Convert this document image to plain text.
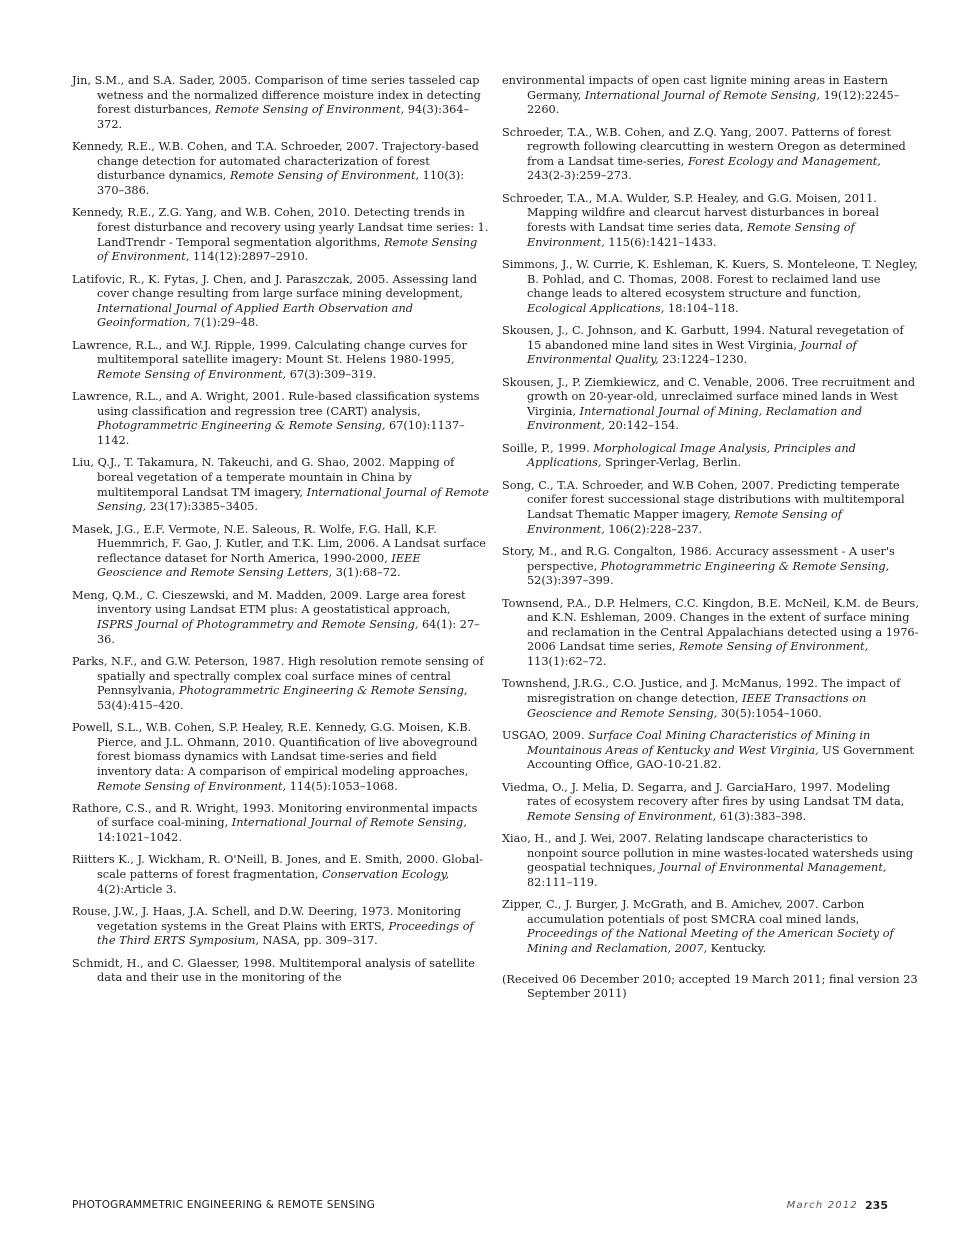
Jin, S.M., and S.A. Sader, 2005. Comparison of time series tasseled cap wetness and the normalized difference moisture index in detecting forest disturbances, Remote Sensing of Environment, 94(3):364–372.

Kennedy, R.E., W.B. Cohen, and T.A. Schroeder, 2007. Trajectory-based change detection for automated characterization of forest disturbance dynamics, Remote Sensing of Environment, 110(3): 370–386.

Kennedy, R.E., Z.G. Yang, and W.B. Cohen, 2010. Detecting trends in forest disturbance and recovery using yearly Landsat time series: 1. LandTrendr - Temporal segmentation algorithms, Remote Sensing of Environment, 114(12):2897–2910.

Latifovic, R., K. Fytas, J. Chen, and J. Paraszczak, 2005. Assessing land cover change resulting from large surface mining development, International Journal of Applied Earth Observation and Geoinformation, 7(1):29–48.

Lawrence, R.L., and W.J. Ripple, 1999. Calculating change curves for multitemporal satellite imagery: Mount St. Helens 1980-1995, Remote Sensing of Environment, 67(3):309–319.

Lawrence, R.L., and A. Wright, 2001. Rule-based classification systems using classification and regression tree (CART) analysis, Photogrammetric Engineering & Remote Sensing, 67(10):1137–1142.

Liu, Q.J., T. Takamura, N. Takeuchi, and G. Shao, 2002. Mapping of boreal vegetation of a temperate mountain in China by multitemporal Landsat TM imagery, International Journal of Remote Sensing, 23(17):3385–3405.

Masek, J.G., E.F. Vermote, N.E. Saleous, R. Wolfe, F.G. Hall, K.F. Huemmrich, F. Gao, J. Kutler, and T.K. Lim, 2006. A Landsat surface reflectance dataset for North America, 1990-2000, IEEE Geoscience and Remote Sensing Letters, 3(1):68–72.

Meng, Q.M., C. Cieszewski, and M. Madden, 2009. Large area forest inventory using Landsat ETM plus: A geostatistical approach, ISPRS Journal of Photogrammetry and Remote Sensing, 64(1): 27–36.

Parks, N.F., and G.W. Peterson, 1987. High resolution remote sensing of spatially and spectrally complex coal surface mines of central Pennsylvania, Photogrammetric Engineering & Remote Sensing, 53(4):415–420.

Powell, S.L., W.B. Cohen, S.P. Healey, R.E. Kennedy, G.G. Moisen, K.B. Pierce, and J.L. Ohmann, 2010. Quantification of live aboveground forest biomass dynamics with Landsat time-series and field inventory data: A comparison of empirical modeling approaches, Remote Sensing of Environment, 114(5):1053–1068.

Rathore, C.S., and R. Wright, 1993. Monitoring environmental impacts of surface coal-mining, International Journal of Remote Sensing, 14:1021–1042.

Riitters K., J. Wickham, R. O'Neill, B. Jones, and E. Smith, 2000. Global-scale patterns of forest fragmentation, Conservation Ecology, 4(2):Article 3.

Rouse, J.W., J. Haas, J.A. Schell, and D.W. Deering, 1973. Monitoring vegetation systems in the Great Plains with ERTS, Proceedings of the Third ERTS Symposium, NASA, pp. 309–317.

Schmidt, H., and C. Glaesser, 1998. Multitemporal analysis of satellite data and their use in the monitoring of the

environmental impacts of open cast lignite mining areas in Eastern Germany, International Journal of Remote Sensing, 19(12):2245–2260.

Schroeder, T.A., W.B. Cohen, and Z.Q. Yang, 2007. Patterns of forest regrowth following clearcutting in western Oregon as determined from a Landsat time-series, Forest Ecology and Management, 243(2-3):259–273.

Schroeder, T.A., M.A. Wulder, S.P. Healey, and G.G. Moisen, 2011. Mapping wildfire and clearcut harvest disturbances in boreal forests with Landsat time series data, Remote Sensing of Environment, 115(6):1421–1433.

Simmons, J., W. Currie, K. Eshleman, K. Kuers, S. Monteleone, T. Negley, B. Pohlad, and C. Thomas, 2008. Forest to reclaimed land use change leads to altered ecosystem structure and function, Ecological Applications, 18:104–118.

Skousen, J., C. Johnson, and K. Garbutt, 1994. Natural revegetation of 15 abandoned mine land sites in West Virginia, Journal of Environmental Quality, 23:1224–1230.

Skousen, J., P. Ziemkiewicz, and C. Venable, 2006. Tree recruitment and growth on 20-year-old, unreclaimed surface mined lands in West Virginia, International Journal of Mining, Reclamation and Environment, 20:142–154.

Soille, P., 1999. Morphological Image Analysis, Principles and Applications, Springer-Verlag, Berlin.

Song, C., T.A. Schroeder, and W.B Cohen, 2007. Predicting temperate conifer forest successional stage distributions with multitemporal Landsat Thematic Mapper imagery, Remote Sensing of Environment, 106(2):228–237.

Story, M., and R.G. Congalton, 1986. Accuracy assessment - A user's perspective, Photogrammetric Engineering & Remote Sensing, 52(3):397–399.

Townsend, P.A., D.P. Helmers, C.C. Kingdon, B.E. McNeil, K.M. de Beurs, and K.N. Eshleman, 2009. Changes in the extent of surface mining and reclamation in the Central Appalachians detected using a 1976-2006 Landsat time series, Remote Sensing of Environment, 113(1):62–72.

Townshend, J.R.G., C.O. Justice, and J. McManus, 1992. The impact of misregistration on change detection, IEEE Transactions on Geoscience and Remote Sensing, 30(5):1054–1060.

USGAO, 2009. Surface Coal Mining Characteristics of Mining in Mountainous Areas of Kentucky and West Virginia, US Government Accounting Office, GAO-10-21.82.

Viedma, O., J. Melia, D. Segarra, and J. GarciaHaro, 1997. Modeling rates of ecosystem recovery after fires by using Landsat TM data, Remote Sensing of Environment, 61(3):383–398.

Xiao, H., and J. Wei, 2007. Relating landscape characteristics to nonpoint source pollution in mine wastes-located watersheds using geospatial techniques, Journal of Environmental Management, 82:111–119.

Zipper, C., J. Burger, J. McGrath, and B. Amichev, 2007. Carbon accumulation potentials of post SMCRA coal mined lands, Proceedings of the National Meeting of the American Society of Mining and Reclamation, 2007, Kentucky.

(Received 06 December 2010; accepted 19 March 2011; final version 23 September 2011)

PHOTOGRAMMETRIC ENGINEERING & REMOTE SENSING	March 2012 235
